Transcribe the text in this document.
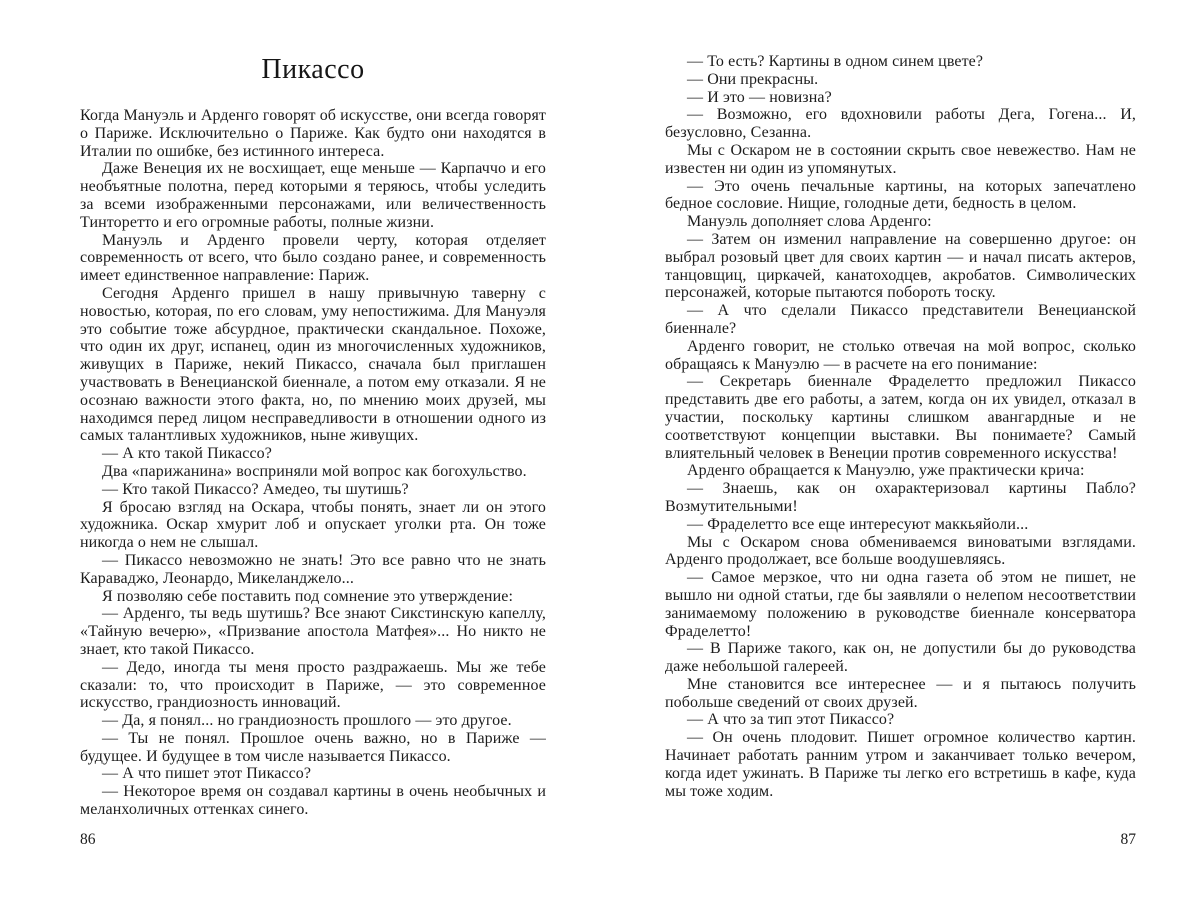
Пикассо

Когда Мануэль и Арденго говорят об искусстве, они всегда говорят о Париже. Исключительно о Париже. Как будто они находятся в Италии по ошибке, без истинного интереса.

Даже Венеция их не восхищает, еще меньше — Карпаччо и его необъятные полотна, перед которыми я теряюсь, чтобы уследить за всеми изображенными персонажами, или величественность Тинторетто и его огромные работы, полные жизни.

Мануэль и Арденго провели черту, которая отделяет современность от всего, что было создано ранее, и современность имеет единственное направление: Париж.

Сегодня Арденго пришел в нашу привычную таверну с новостью, которая, по его словам, уму непостижима. Для Мануэля это событие тоже абсурдное, практически скандальное. Похоже, что один их друг, испанец, один из многочисленных художников, живущих в Париже, некий Пикассо, сначала был приглашен участвовать в Венецианской биеннале, а потом ему отказали. Я не осознаю важности этого факта, но, по мнению моих друзей, мы находимся перед лицом несправедливости в отношении одного из самых талантливых художников, ныне живущих.

— А кто такой Пикассо?

Два «парижанина» восприняли мой вопрос как богохульство.

— Кто такой Пикассо? Амедео, ты шутишь?

Я бросаю взгляд на Оскара, чтобы понять, знает ли он этого художника. Оскар хмурит лоб и опускает уголки рта. Он тоже никогда о нем не слышал.

— Пикассо невозможно не знать! Это все равно что не знать Караваджо, Леонардо, Микеланджело...

Я позволяю себе поставить под сомнение это утверждение:

— Арденго, ты ведь шутишь? Все знают Сикстинскую капеллу, «Тайную вечерю», «Призвание апостола Матфея»... Но никто не знает, кто такой Пикассо.

— Дедо, иногда ты меня просто раздражаешь. Мы же тебе сказали: то, что происходит в Париже, — это современное искусство, грандиозность инноваций.

— Да, я понял... но грандиозность прошлого — это другое.

— Ты не понял. Прошлое очень важно, но в Париже — будущее. И будущее в том числе называется Пикассо.

— А что пишет этот Пикассо?

— Некоторое время он создавал картины в очень необычных и меланхоличных оттенках синего.

86

— То есть? Картины в одном синем цвете?

— Они прекрасны.

— И это — новизна?

— Возможно, его вдохновили работы Дега, Гогена... И, безусловно, Сезанна.

Мы с Оскаром не в состоянии скрыть свое невежество. Нам не известен ни один из упомянутых.

— Это очень печальные картины, на которых запечатлено бедное сословие. Нищие, голодные дети, бедность в целом.

Мануэль дополняет слова Арденго:

— Затем он изменил направление на совершенно другое: он выбрал розовый цвет для своих картин — и начал писать актеров, танцовщиц, циркачей, канатоходцев, акробатов. Символических персонажей, которые пытаются побороть тоску.

— А что сделали Пикассо представители Венецианской биеннале?

Арденго говорит, не столько отвечая на мой вопрос, сколько обращаясь к Мануэлю — в расчете на его понимание:

— Секретарь биеннале Фраделетто предложил Пикассо представить две его работы, а затем, когда он их увидел, отказал в участии, поскольку картины слишком авангардные и не соответствуют концепции выставки. Вы понимаете? Самый влиятельный человек в Венеции против современного искусства!

Арденго обращается к Мануэлю, уже практически крича:

— Знаешь, как он охарактеризовал картины Пабло? Возмутительными!

— Фраделетто все еще интересуют маккьяйоли...

Мы с Оскаром снова обмениваемся виноватыми взглядами. Арденго продолжает, все больше воодушевляясь.

— Самое мерзкое, что ни одна газета об этом не пишет, не вышло ни одной статьи, где бы заявляли о нелепом несоответствии занимаемому положению в руководстве биеннале консерватора Фраделетто!

— В Париже такого, как он, не допустили бы до руководства даже небольшой галереей.

Мне становится все интереснее — и я пытаюсь получить побольше сведений от своих друзей.

— А что за тип этот Пикассо?

— Он очень плодовит. Пишет огромное количество картин. Начинает работать ранним утром и заканчивает только вечером, когда идет ужинать. В Париже ты легко его встретишь в кафе, куда мы тоже ходим.

87
